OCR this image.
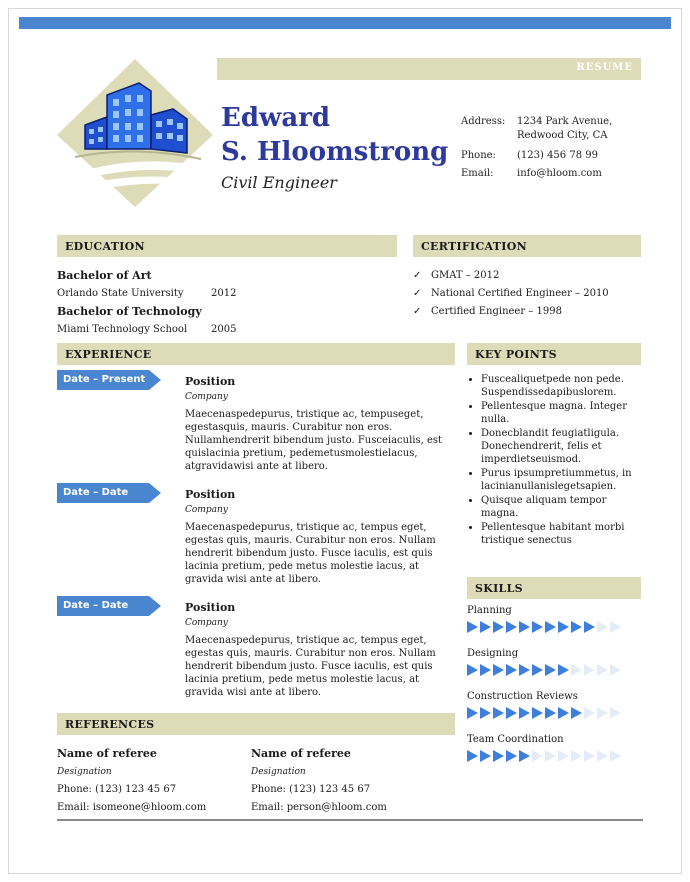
RESUME
Edward
S. Hloomstrong
Civil Engineer
Address:	1234 Park Avenue,
Redwood City, CA
Phone:	(123) 456 78 99
Email:	info@hloom.com
EDUCATION
Bachelor of Art
Orlando State University	2012
Bachelor of Technology
Miami Technology School	2005
CERTIFICATION
✓ GMAT – 2012
✓ National Certified Engineer – 2010
✓ Certified Engineer – 1998
EXPERIENCE
Date – Present	Position
Company
Maecenaspedepurus, tristique ac, tempuseget, egestasquis, mauris. Curabitur non eros. Nullamhendrerit bibendum justo. Fusceiaculis, est quislacinia pretium, pedemetusmolestielacus, atgravidawisi ante at libero.
Date – Date	Position
Company
Maecenaspedepurus, tristique ac, tempus eget, egestas quis, mauris. Curabitur non eros. Nullam hendrerit bibendum justo. Fusce iaculis, est quis lacinia pretium, pede metus molestie lacus, at gravida wisi ante at libero.
Date – Date	Position
Company
Maecenaspedepurus, tristique ac, tempus eget, egestas quis, mauris. Curabitur non eros. Nullam hendrerit bibendum justo. Fusce iaculis, est quis lacinia pretium, pede metus molestie lacus, at gravida wisi ante at libero.
KEY POINTS
• Fuscealiquetpede non pede. Suspendissedapibuslorem.
• Pellentesque magna. Integer nulla.
• Donecblandit feugiatligula. Donechendrerit, felis et imperdietseuismod.
• Purus ipsumpretiummetus, in lacinianullanislegetsapien.
• Quisque aliquam tempor magna.
• Pellentesque habitant morbi tristique senectus
SKILLS
Planning
Designing
Construction Reviews
Team Coordination
REFERENCES
Name of referee
Designation
Phone: (123) 123 45 67
Email: isomeone@hloom.com
Name of referee
Designation
Phone: (123) 123 45 67
Email: person@hloom.com
